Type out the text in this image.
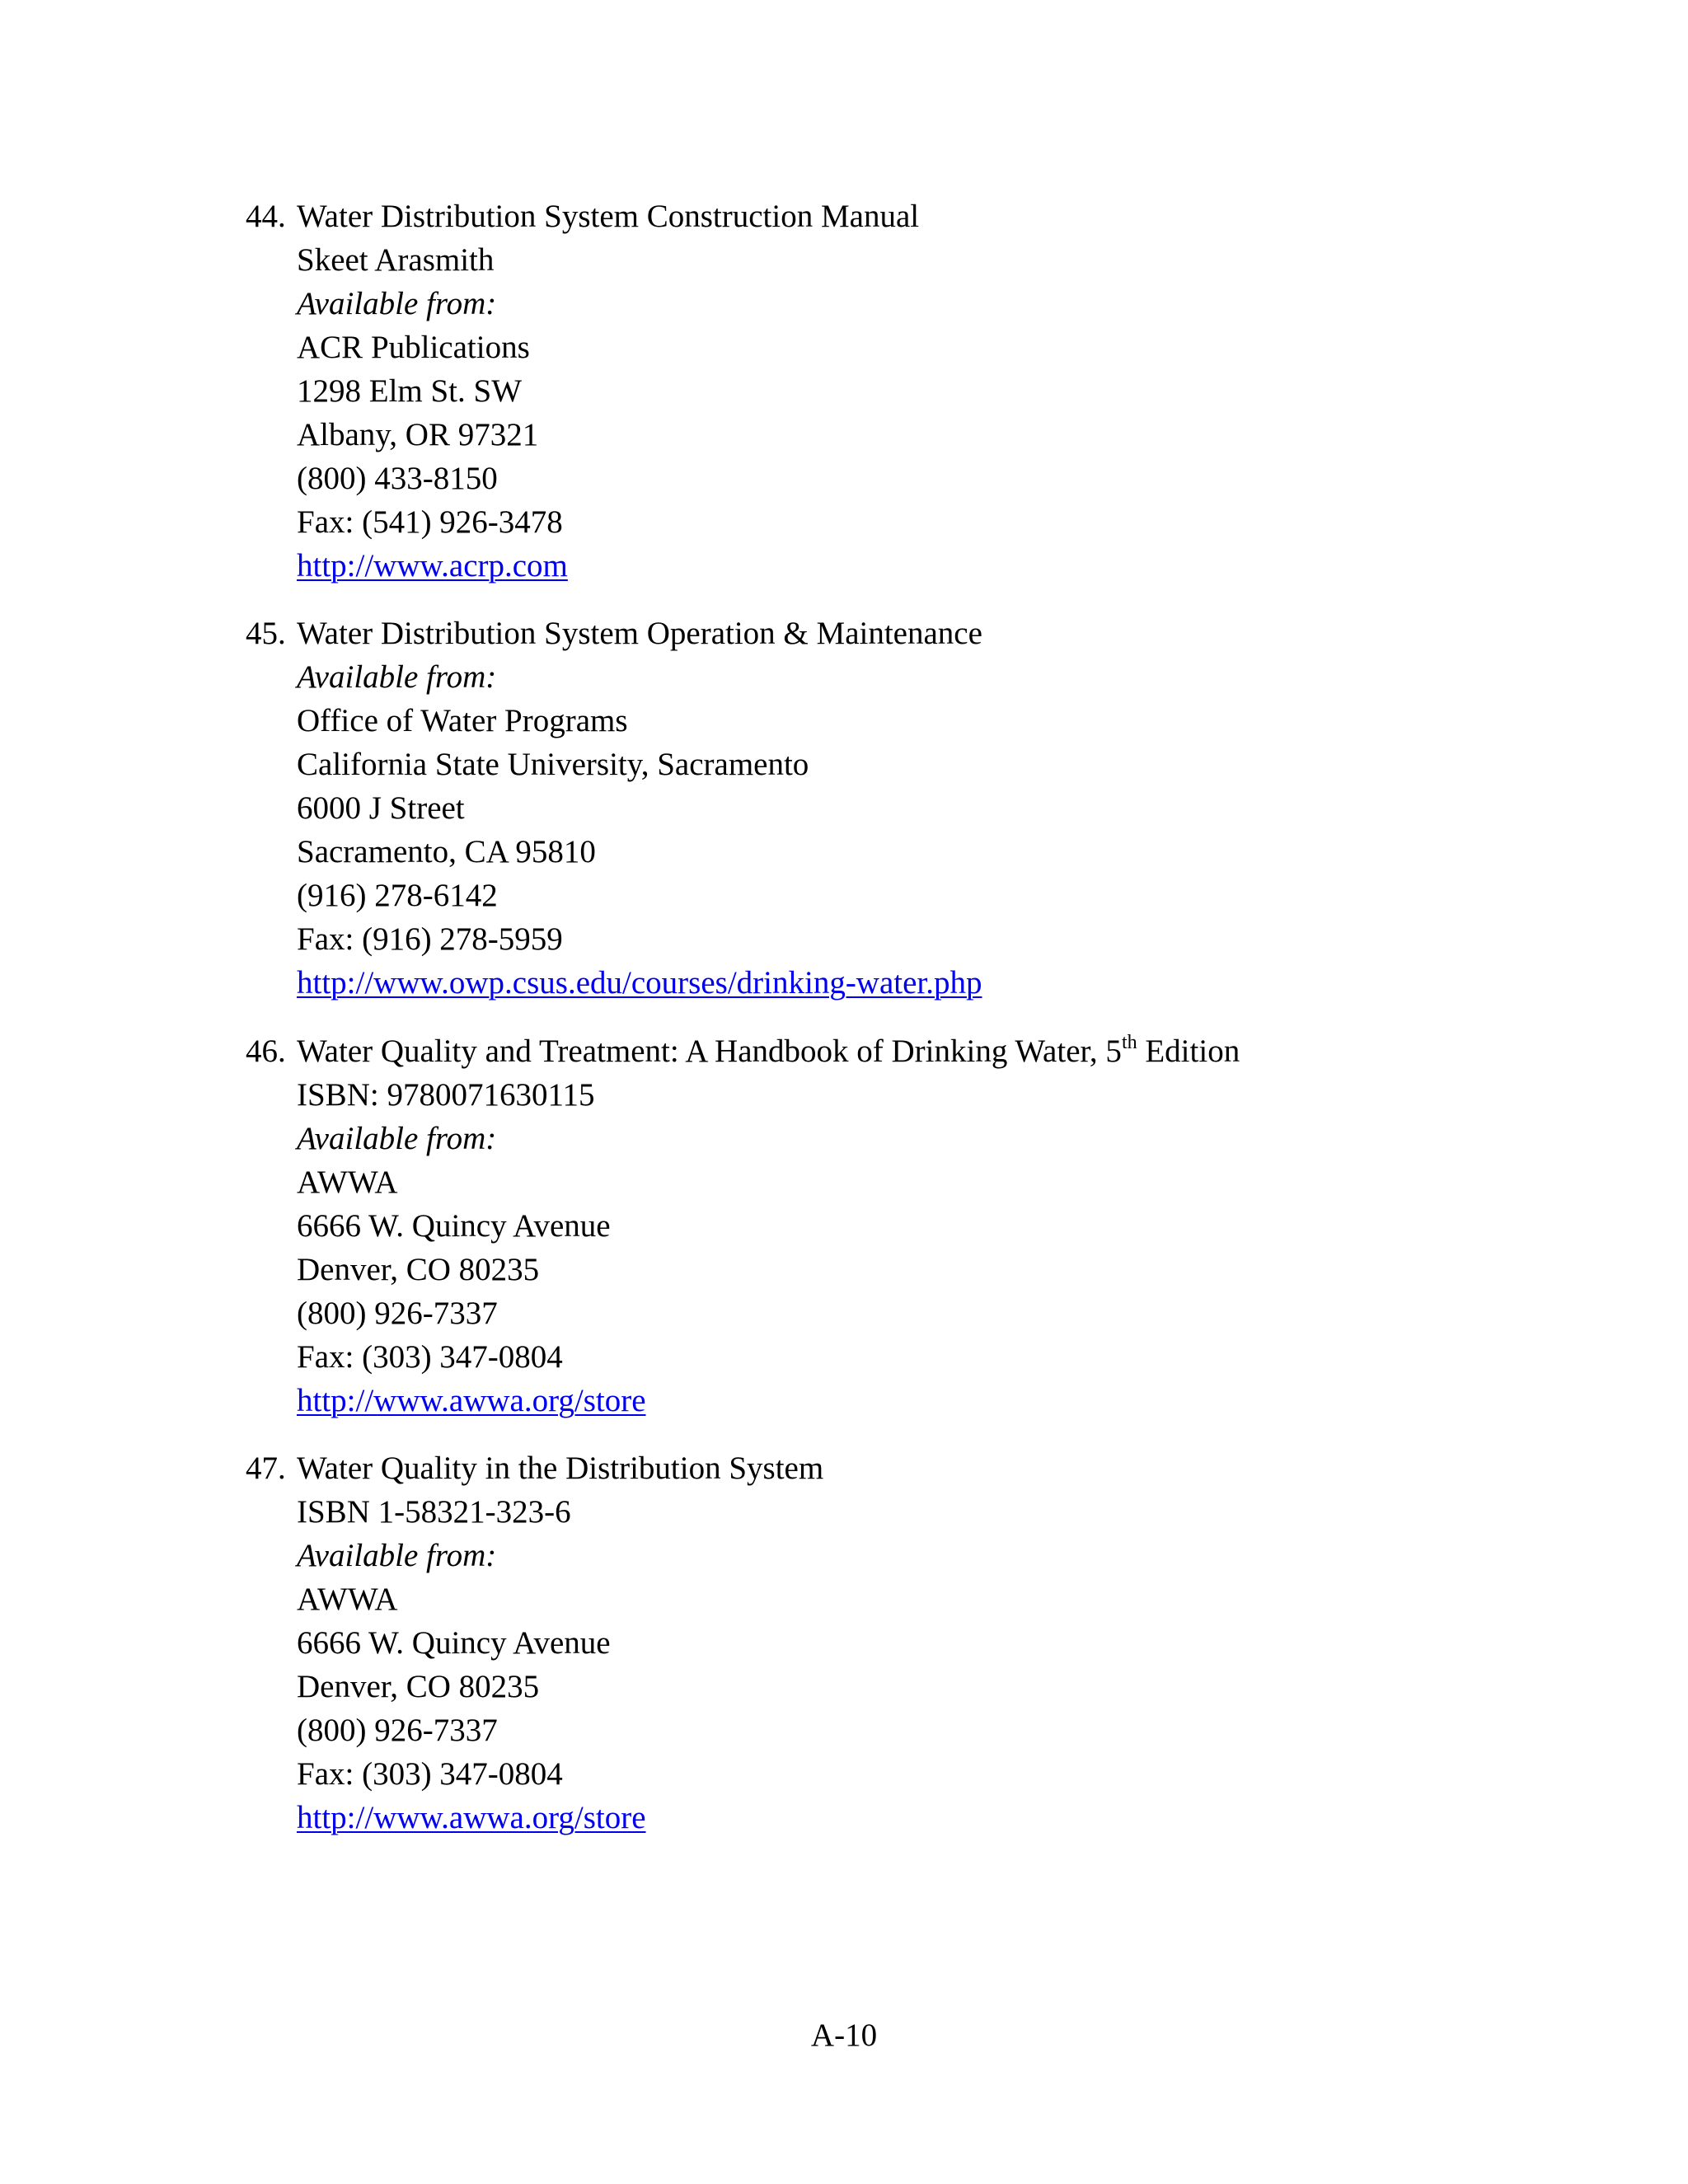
44. Water Distribution System Construction Manual
Skeet Arasmith
Available from:
ACR Publications
1298 Elm St. SW
Albany, OR 97321
(800) 433-8150
Fax: (541) 926-3478
http://www.acrp.com
45. Water Distribution System Operation & Maintenance
Available from:
Office of Water Programs
California State University, Sacramento
6000 J Street
Sacramento, CA 95810
(916) 278-6142
Fax: (916) 278-5959
http://www.owp.csus.edu/courses/drinking-water.php
46. Water Quality and Treatment: A Handbook of Drinking Water, 5th Edition
ISBN: 9780071630115
Available from:
AWWA
6666 W. Quincy Avenue
Denver, CO 80235
(800) 926-7337
Fax: (303) 347-0804
http://www.awwa.org/store
47. Water Quality in the Distribution System
ISBN 1-58321-323-6
Available from:
AWWA
6666 W. Quincy Avenue
Denver, CO 80235
(800) 926-7337
Fax: (303) 347-0804
http://www.awwa.org/store
A-10
